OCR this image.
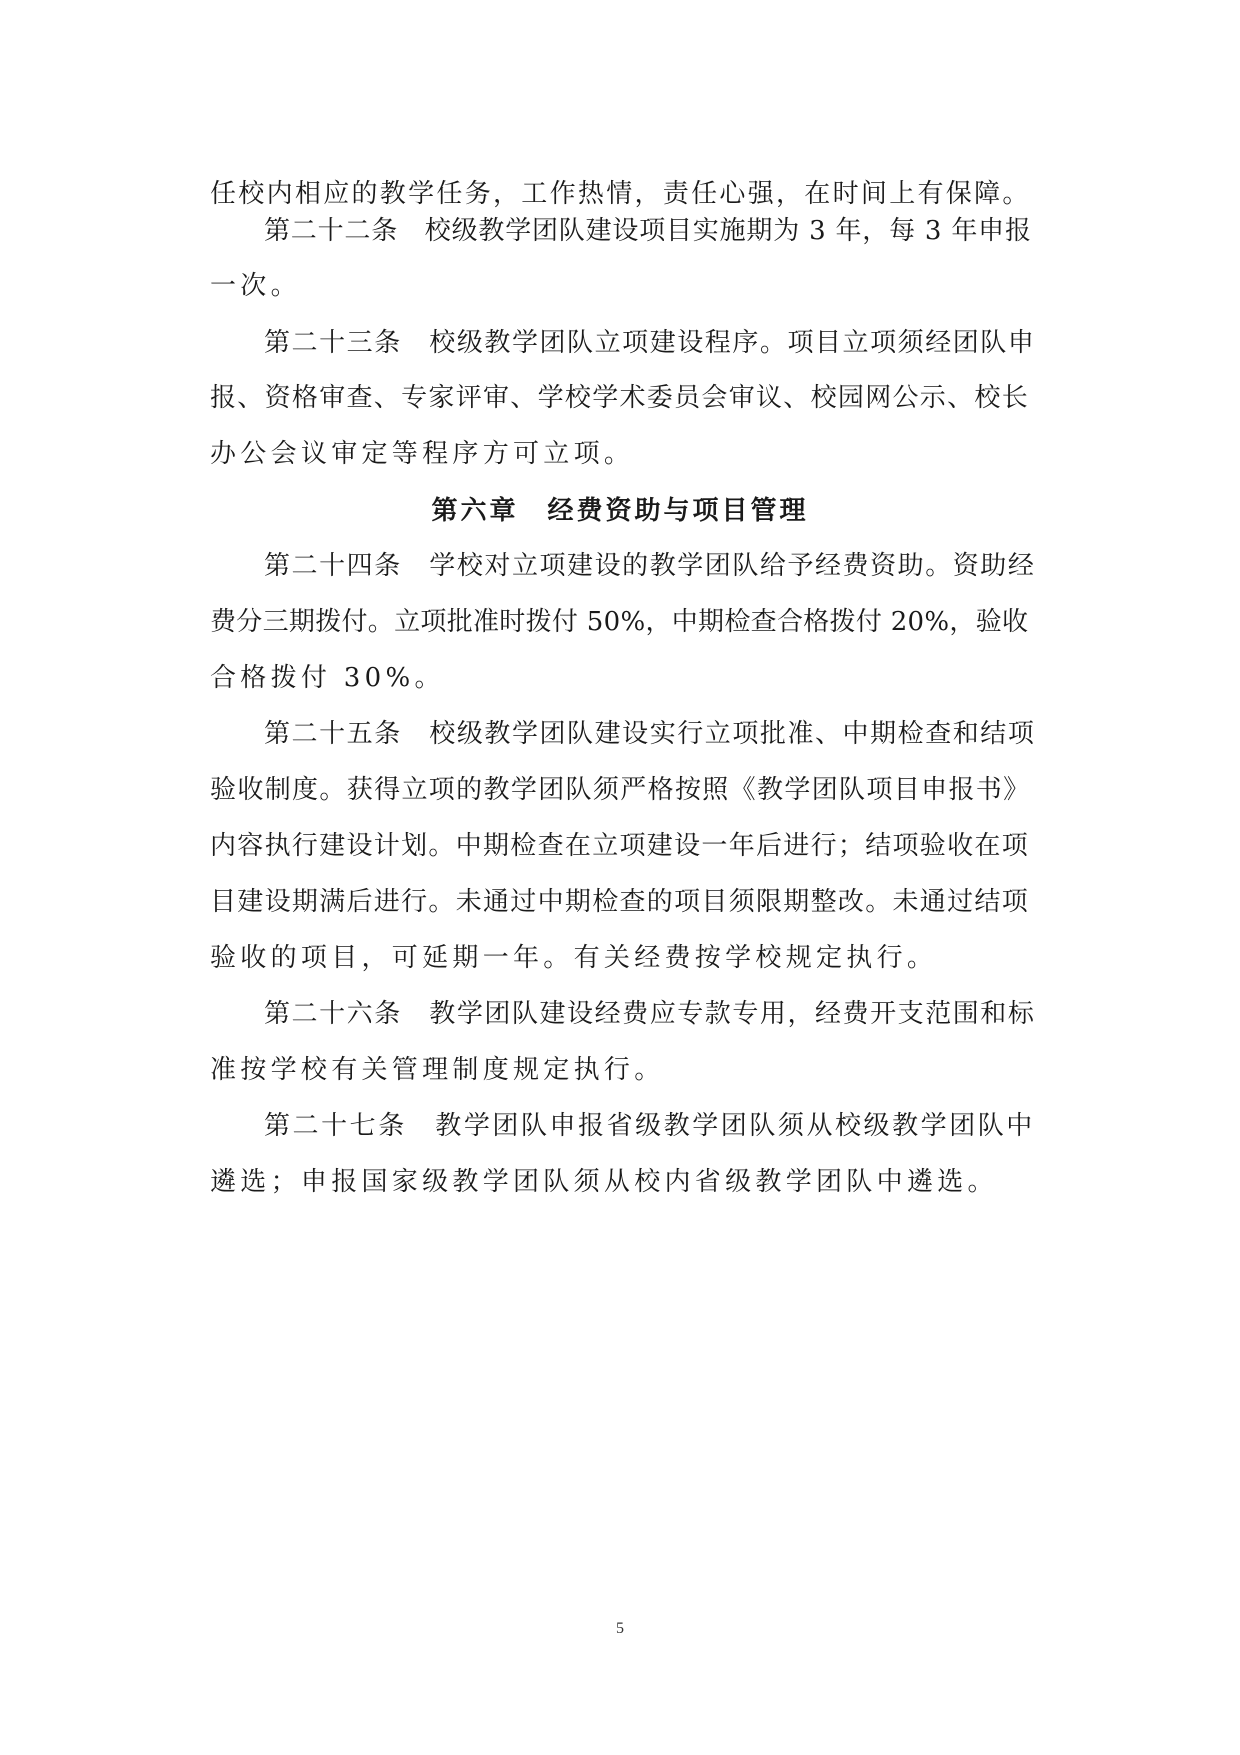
任校内相应的教学任务，工作热情，责任心强，在时间上有保障。
第二十二条　校级教学团队建设项目实施期为 3 年，每 3 年申报
一次。
第二十三条　校级教学团队立项建设程序。项目立项须经团队申
报、资格审查、专家评审、学校学术委员会审议、校园网公示、校长
办公会议审定等程序方可立项。
第六章　经费资助与项目管理
第二十四条　学校对立项建设的教学团队给予经费资助。资助经
费分三期拨付。立项批准时拨付 50%，中期检查合格拨付 20%，验收
合格拨付 30%。
第二十五条　校级教学团队建设实行立项批准、中期检查和结项
验收制度。获得立项的教学团队须严格按照《教学团队项目申报书》
内容执行建设计划。中期检查在立项建设一年后进行；结项验收在项
目建设期满后进行。未通过中期检查的项目须限期整改。未通过结项
验收的项目，可延期一年。有关经费按学校规定执行。
第二十六条　教学团队建设经费应专款专用，经费开支范围和标
准按学校有关管理制度规定执行。
第二十七条　教学团队申报省级教学团队须从校级教学团队中
遴选；申报国家级教学团队须从校内省级教学团队中遴选。
5
